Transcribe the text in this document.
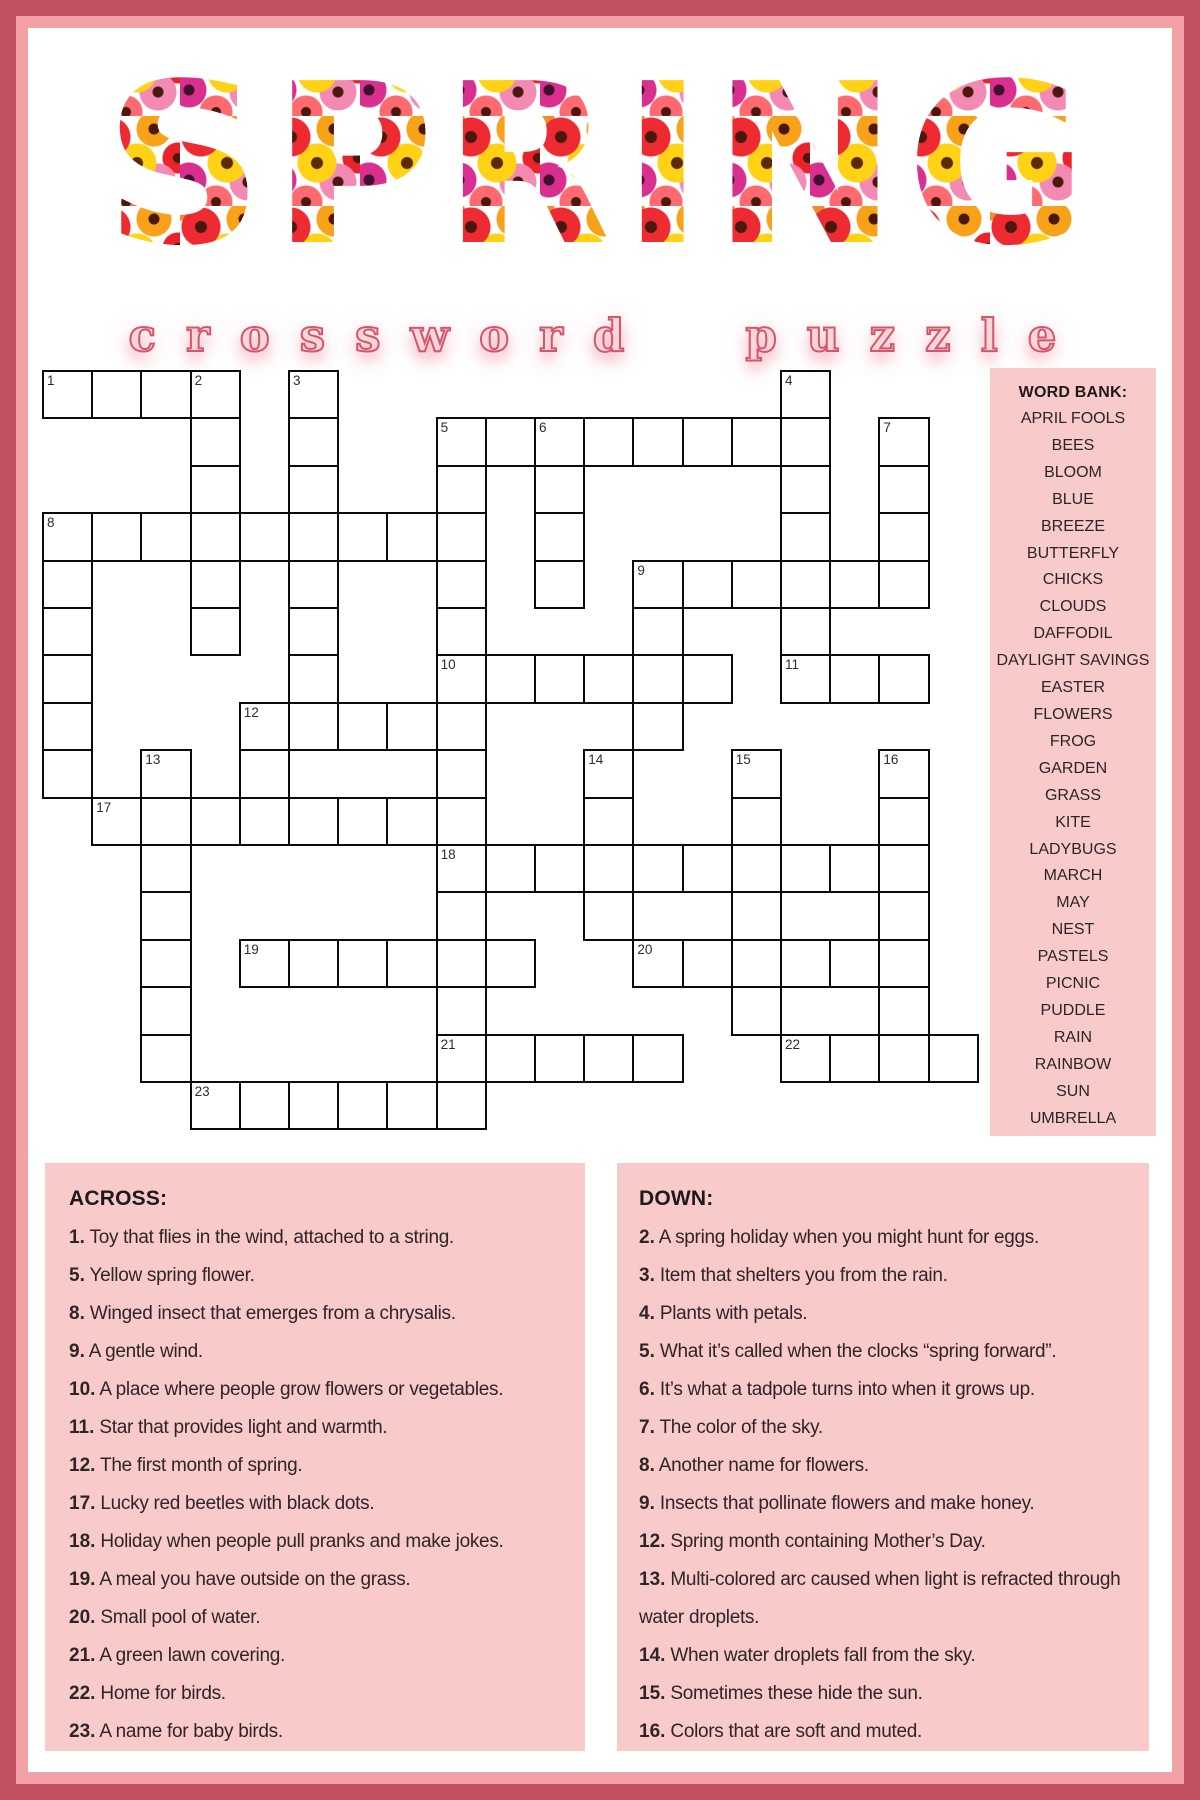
SPRING
crossword	puzzle
1	2	3	4
5	6	7
8
9
10	11
12
13	14	15	16
17
18
19	20
21	22
23
WORD BANK:
APRIL FOOLS
BEES
BLOOM
BLUE
BREEZE
BUTTERFLY
CHICKS
CLOUDS
DAFFODIL
DAYLIGHT SAVINGS
EASTER
FLOWERS
FROG
GARDEN
GRASS
KITE
LADYBUGS
MARCH
MAY
NEST
PASTELS
PICNIC
PUDDLE
RAIN
RAINBOW
SUN
UMBRELLA
ACROSS:
1. Toy that flies in the wind, attached to a string.
5. Yellow spring flower.
8. Winged insect that emerges from a chrysalis.
9. A gentle wind.
10. A place where people grow flowers or vegetables.
11. Star that provides light and warmth.
12. The first month of spring.
17. Lucky red beetles with black dots.
18. Holiday when people pull pranks and make jokes.
19. A meal you have outside on the grass.
20. Small pool of water.
21. A green lawn covering.
22. Home for birds.
23. A name for baby birds.
DOWN:
2. A spring holiday when you might hunt for eggs.
3. Item that shelters you from the rain.
4. Plants with petals.
5. What it’s called when the clocks “spring forward”.
6. It’s what a tadpole turns into when it grows up.
7. The color of the sky.
8. Another name for flowers.
9. Insects that pollinate flowers and make honey.
12. Spring month containing Mother’s Day.
13. Multi-colored arc caused when light is refracted through water droplets.
14. When water droplets fall from the sky.
15. Sometimes these hide the sun.
16. Colors that are soft and muted.
